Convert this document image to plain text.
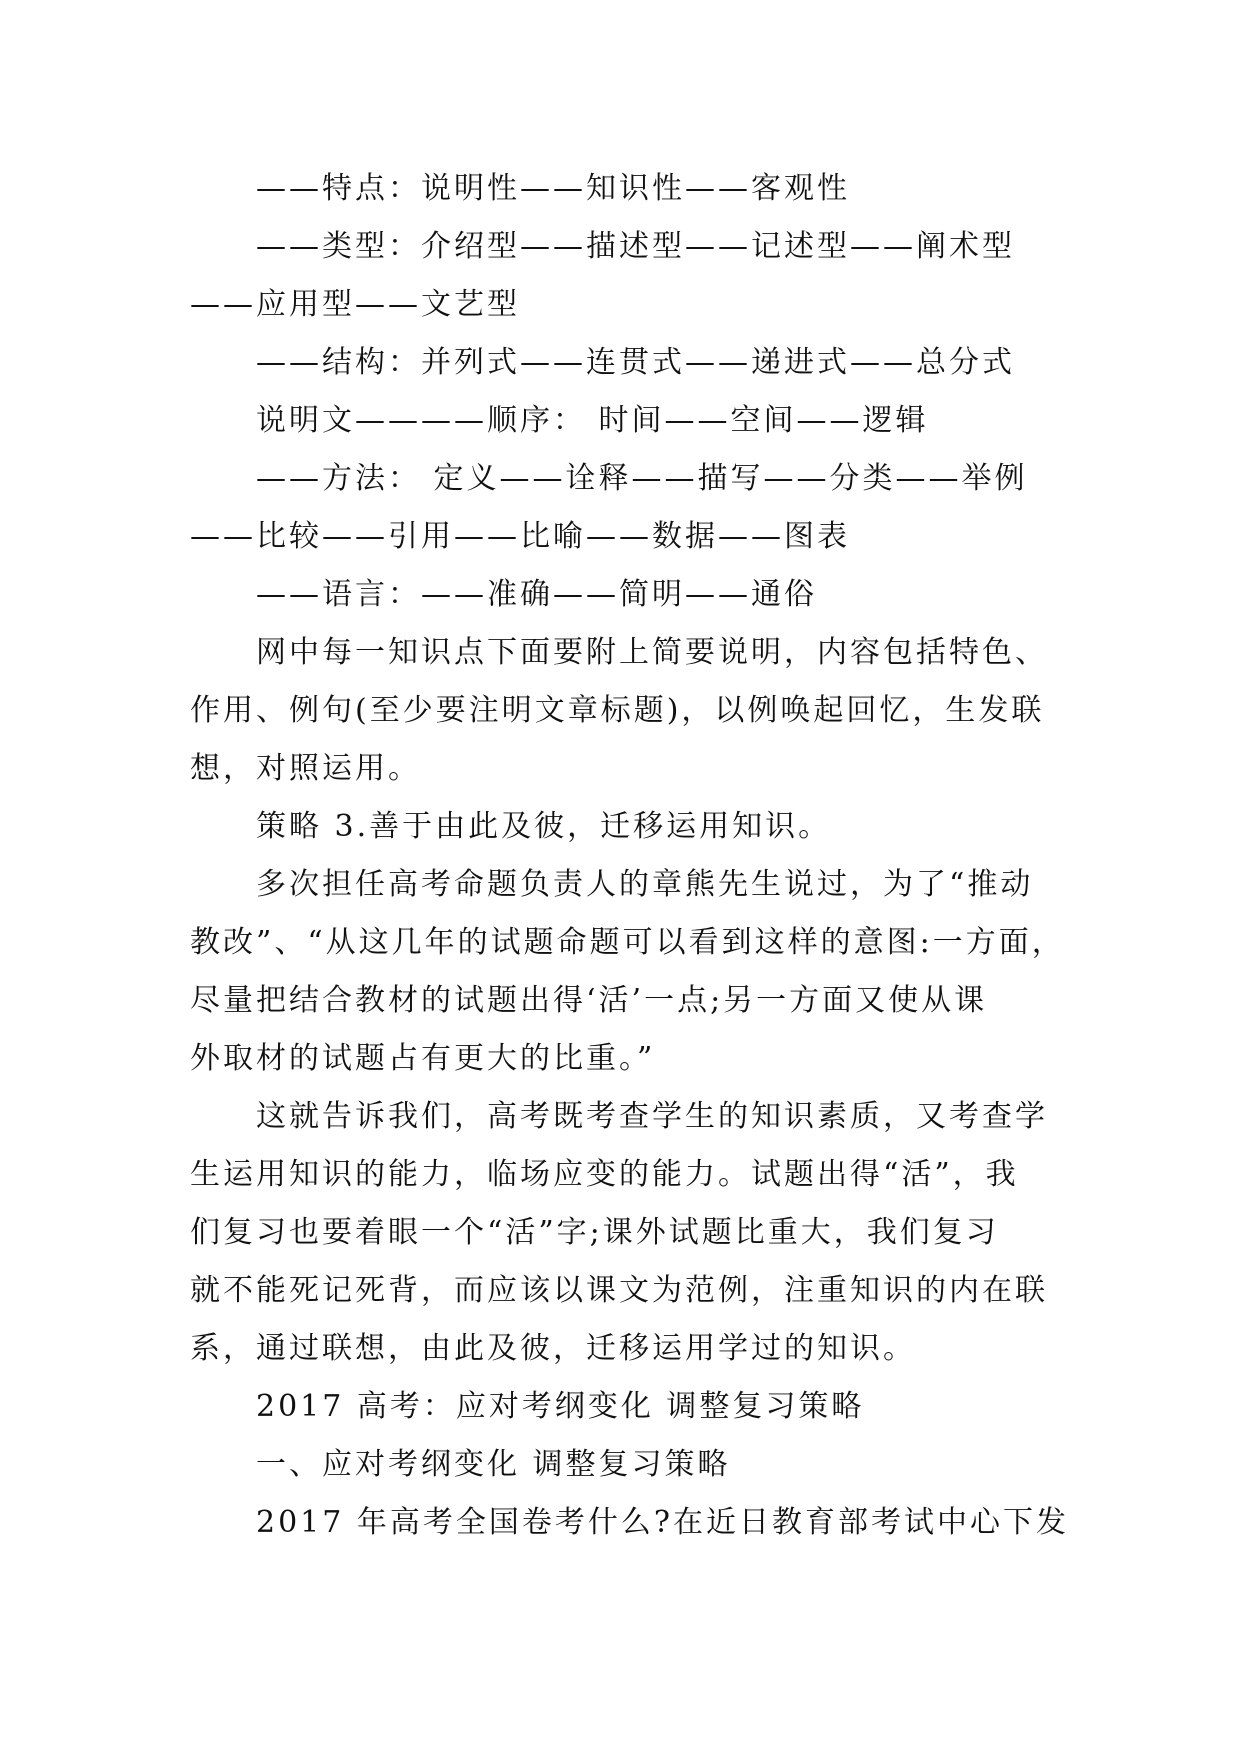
——特点：说明性——知识性——客观性
——类型：介绍型——描述型——记述型——阐术型
——应用型——文艺型
——结构：并列式——连贯式——递进式——总分式
说明文————顺序： 时间——空间——逻辑
——方法： 定义——诠释——描写——分类——举例
——比较——引用——比喻——数据——图表
——语言：——准确——简明——通俗
网中每一知识点下面要附上简要说明，内容包括特色、
作用、例句(至少要注明文章标题)，以例唤起回忆，生发联
想，对照运用。
策略 3.善于由此及彼，迁移运用知识。
多次担任高考命题负责人的章熊先生说过，为了“推动
教改”、“从这几年的试题命题可以看到这样的意图:一方面，
尽量把结合教材的试题出得‘活’一点;另一方面又使从课
外取材的试题占有更大的比重。”
这就告诉我们，高考既考查学生的知识素质，又考查学
生运用知识的能力，临场应变的能力。试题出得“活”，我
们复习也要着眼一个“活”字;课外试题比重大，我们复习
就不能死记死背，而应该以课文为范例，注重知识的内在联
系，通过联想，由此及彼，迁移运用学过的知识。
2017 高考：应对考纲变化 调整复习策略
一、应对考纲变化 调整复习策略
2017 年高考全国卷考什么?在近日教育部考试中心下发
